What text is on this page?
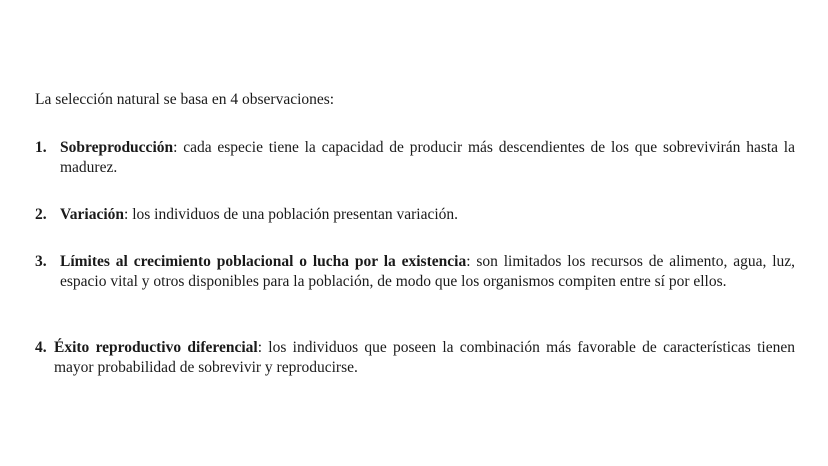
La selección natural se basa en 4 observaciones:

1. Sobreproducción: cada especie tiene la capacidad de producir más descendientes de los que sobrevivirán hasta la madurez.
2. Variación: los individuos de una población presentan variación.
3. Límites al crecimiento poblacional o lucha por la existencia: son limitados los recursos de alimento, agua, luz, espacio vital y otros disponibles para la población, de modo que los organismos compiten entre sí por ellos.
4. Éxito reproductivo diferencial: los individuos que poseen la combinación más favorable de características tienen mayor probabilidad de sobrevivir y reproducirse.
